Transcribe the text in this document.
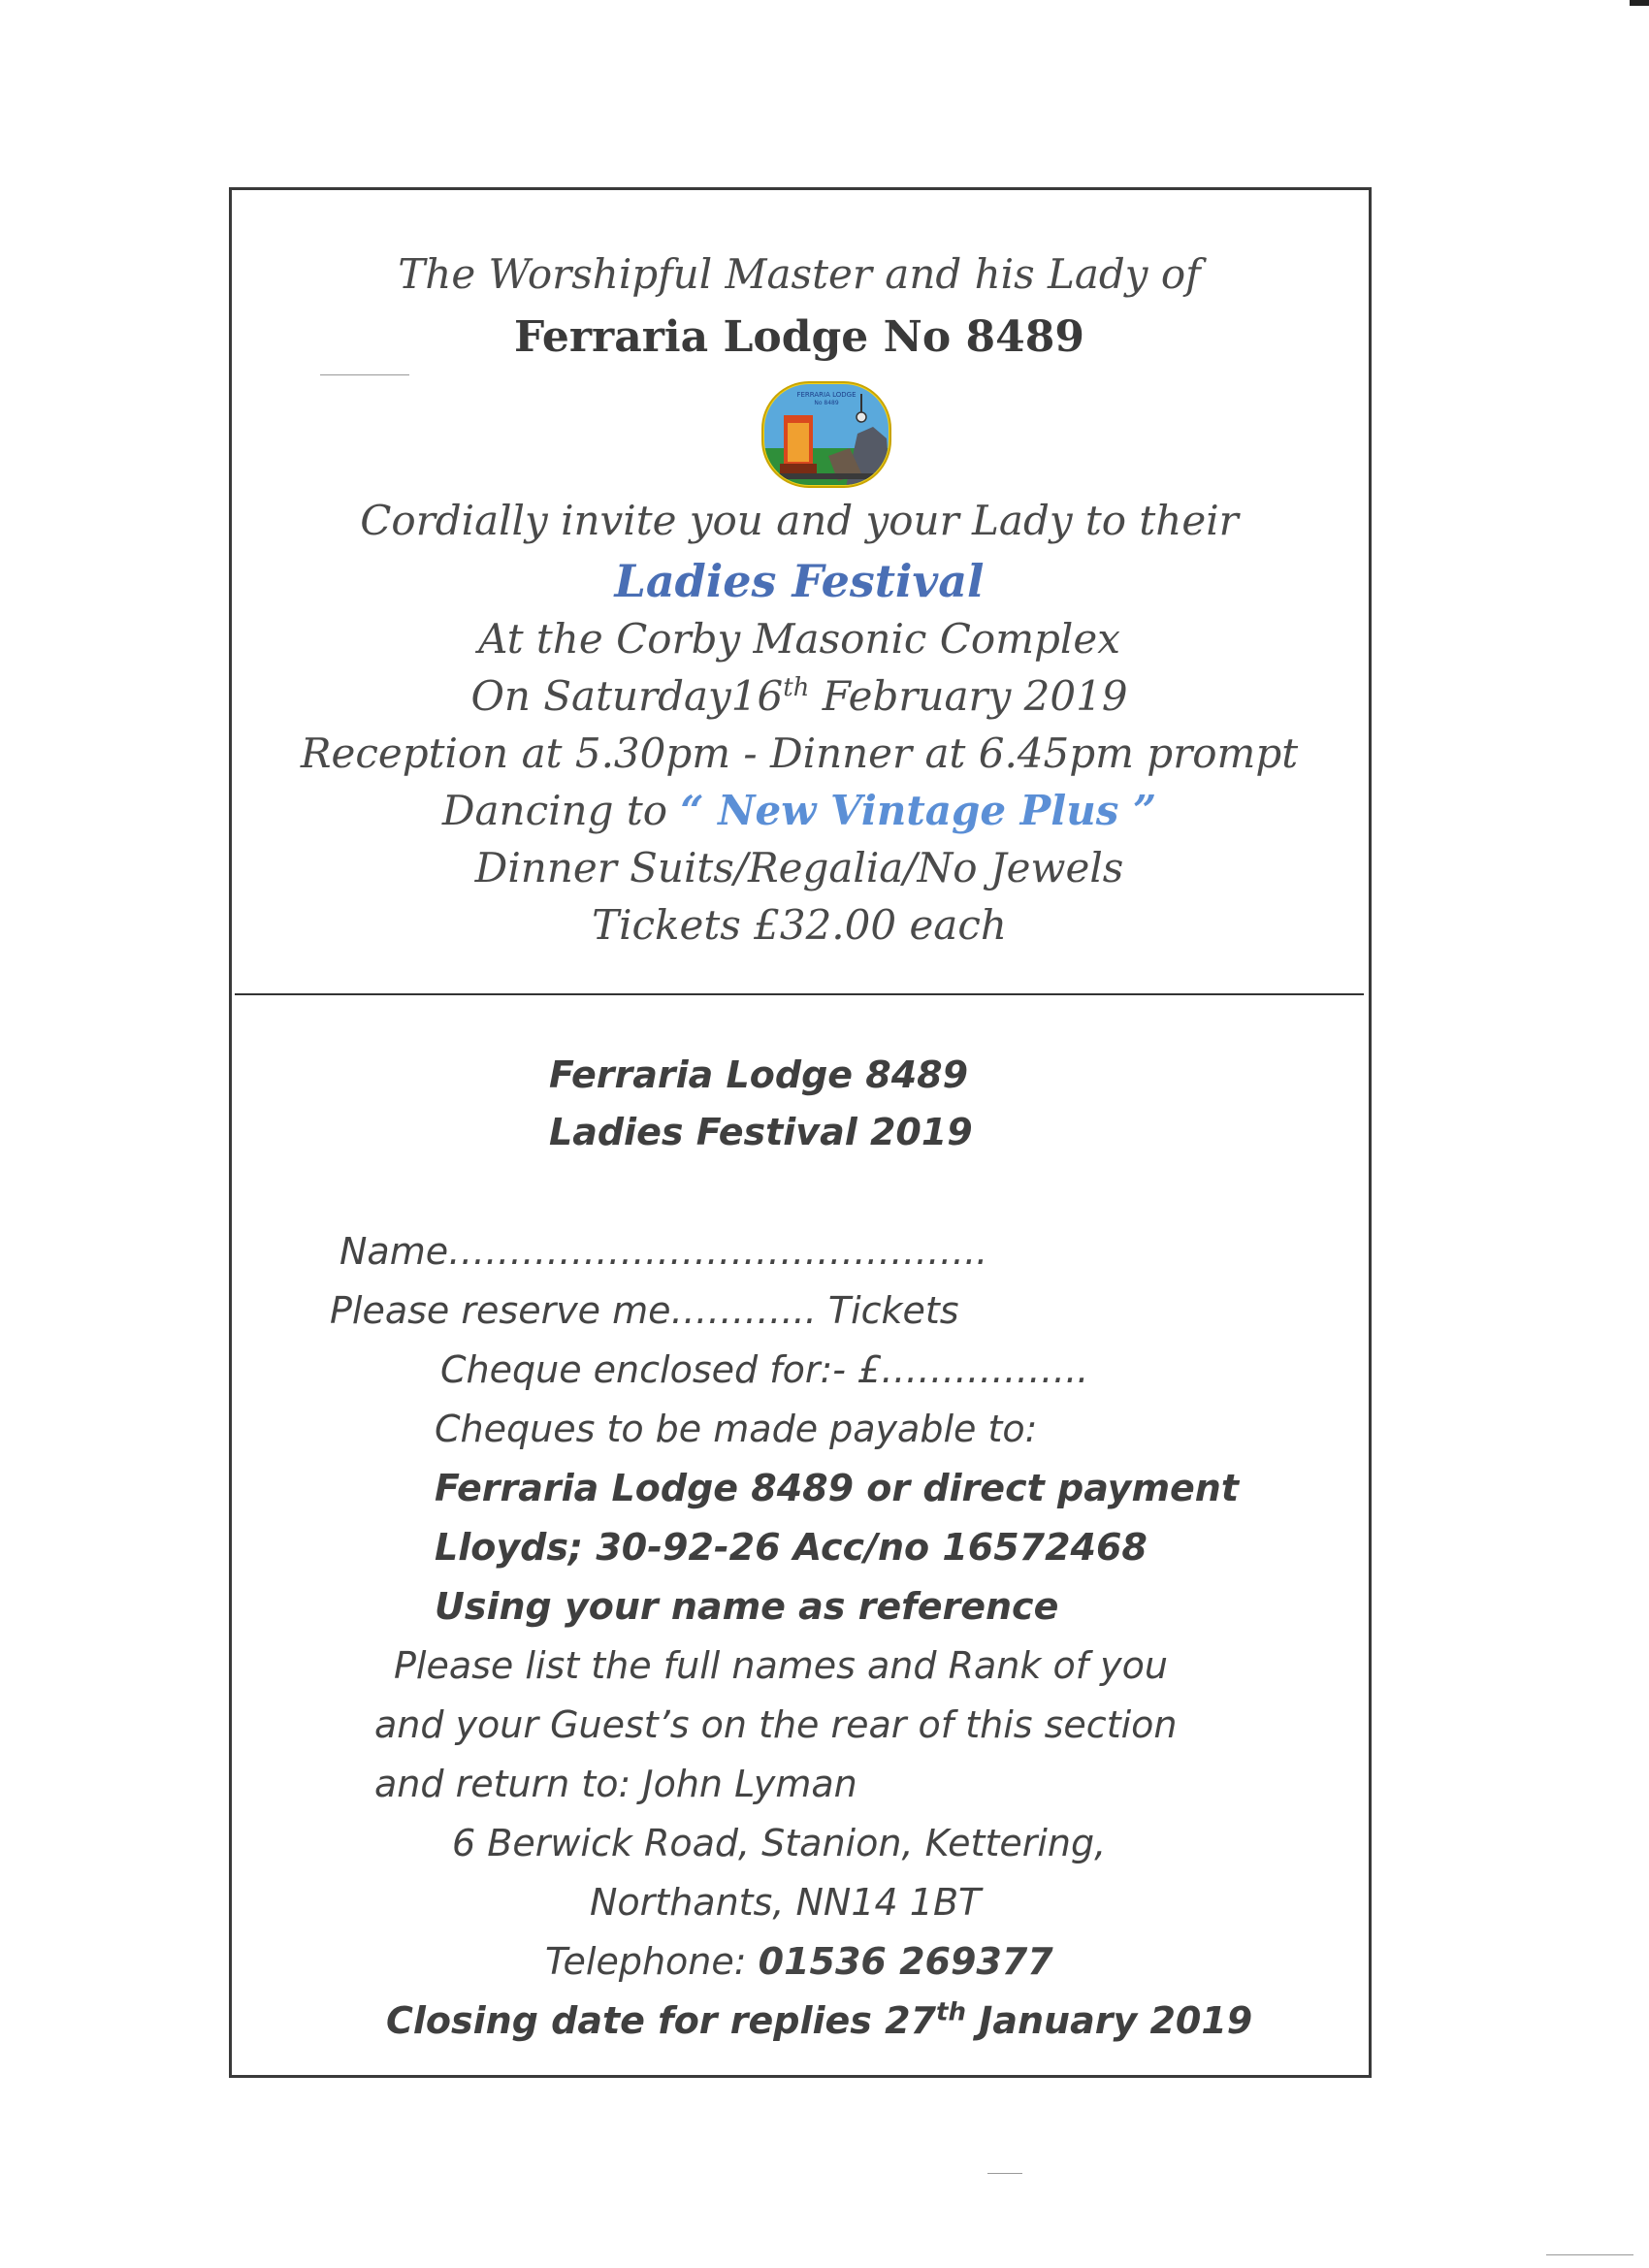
The Worshipful Master and his Lady of
Ferraria Lodge No 8489
FERRARIA LODGE
No 8489
Cordially invite you and your Lady to their
Ladies Festival
At the Corby Masonic Complex
On Saturday16th February 2019
Reception at 5.30pm - Dinner at 6.45pm prompt
Dancing to “ New Vintage Plus ”
Dinner Suits/Regalia/No Jewels
Tickets £32.00 each
Ferraria Lodge 8489
Ladies Festival 2019
Name……………………………………..
Please reserve me………... Tickets
Cheque enclosed for:- £……………..
Cheques to be made payable to:
Ferraria Lodge 8489 or direct payment
Lloyds; 30-92-26 Acc/no 16572468
Using your name as reference
Please list the full names and Rank of you
and your Guest’s on the rear of this section
and return to: John Lyman
6 Berwick Road, Stanion, Kettering,
Northants, NN14 1BT
Telephone: 01536 269377
Closing date for replies 27th January 2019
